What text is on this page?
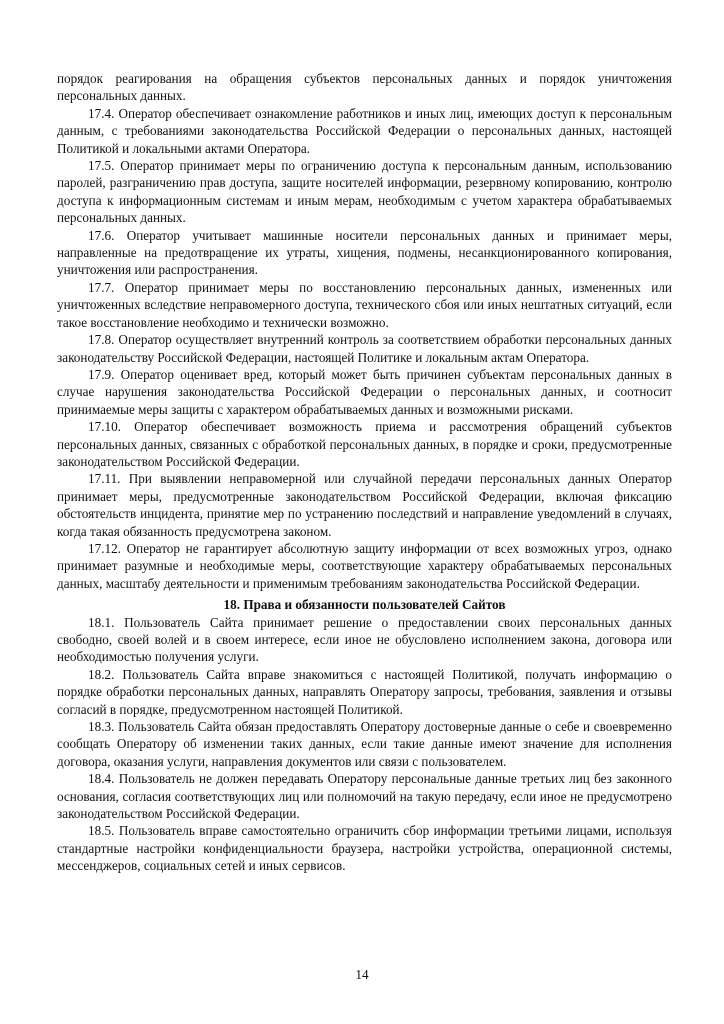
порядок реагирования на обращения субъектов персональных данных и порядок уничтожения персональных данных.

17.4. Оператор обеспечивает ознакомление работников и иных лиц, имеющих доступ к персональным данным, с требованиями законодательства Российской Федерации о персональных данных, настоящей Политикой и локальными актами Оператора.

17.5. Оператор принимает меры по ограничению доступа к персональным данным, использованию паролей, разграничению прав доступа, защите носителей информации, резервному копированию, контролю доступа к информационным системам и иным мерам, необходимым с учетом характера обрабатываемых персональных данных.

17.6. Оператор учитывает машинные носители персональных данных и принимает меры, направленные на предотвращение их утраты, хищения, подмены, несанкционированного копирования, уничтожения или распространения.

17.7. Оператор принимает меры по восстановлению персональных данных, измененных или уничтоженных вследствие неправомерного доступа, технического сбоя или иных нештатных ситуаций, если такое восстановление необходимо и технически возможно.

17.8. Оператор осуществляет внутренний контроль за соответствием обработки персональных данных законодательству Российской Федерации, настоящей Политике и локальным актам Оператора.

17.9. Оператор оценивает вред, который может быть причинен субъектам персональных данных в случае нарушения законодательства Российской Федерации о персональных данных, и соотносит принимаемые меры защиты с характером обрабатываемых данных и возможными рисками.

17.10. Оператор обеспечивает возможность приема и рассмотрения обращений субъектов персональных данных, связанных с обработкой персональных данных, в порядке и сроки, предусмотренные законодательством Российской Федерации.

17.11. При выявлении неправомерной или случайной передачи персональных данных Оператор принимает меры, предусмотренные законодательством Российской Федерации, включая фиксацию обстоятельств инцидента, принятие мер по устранению последствий и направление уведомлений в случаях, когда такая обязанность предусмотрена законом.

17.12. Оператор не гарантирует абсолютную защиту информации от всех возможных угроз, однако принимает разумные и необходимые меры, соответствующие характеру обрабатываемых персональных данных, масштабу деятельности и применимым требованиям законодательства Российской Федерации.

18. Права и обязанности пользователей Сайтов

18.1. Пользователь Сайта принимает решение о предоставлении своих персональных данных свободно, своей волей и в своем интересе, если иное не обусловлено исполнением закона, договора или необходимостью получения услуги.

18.2. Пользователь Сайта вправе знакомиться с настоящей Политикой, получать информацию о порядке обработки персональных данных, направлять Оператору запросы, требования, заявления и отзывы согласий в порядке, предусмотренном настоящей Политикой.

18.3. Пользователь Сайта обязан предоставлять Оператору достоверные данные о себе и своевременно сообщать Оператору об изменении таких данных, если такие данные имеют значение для исполнения договора, оказания услуги, направления документов или связи с пользователем.

18.4. Пользователь не должен передавать Оператору персональные данные третьих лиц без законного основания, согласия соответствующих лиц или полномочий на такую передачу, если иное не предусмотрено законодательством Российской Федерации.

18.5. Пользователь вправе самостоятельно ограничить сбор информации третьими лицами, используя стандартные настройки конфиденциальности браузера, настройки устройства, операционной системы, мессенджеров, социальных сетей и иных сервисов.

14
